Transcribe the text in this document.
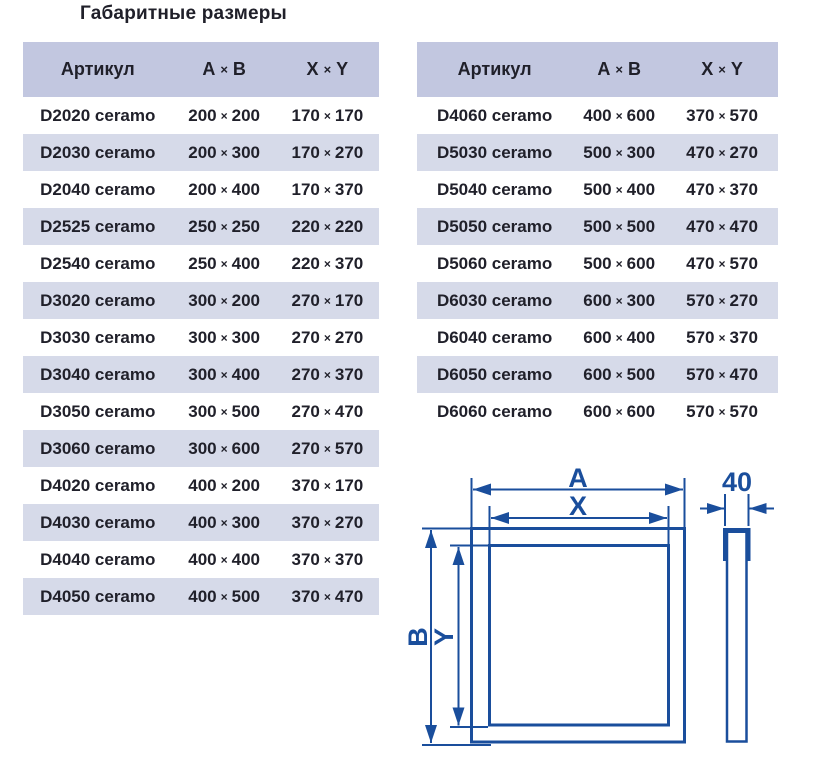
Габаритные размеры
Артикул	A × B	X × Y
D2020 ceramo	200 × 200	170 × 170
D2030 ceramo	200 × 300	170 × 270
D2040 ceramo	200 × 400	170 × 370
D2525 ceramo	250 × 250	220 × 220
D2540 ceramo	250 × 400	220 × 370
D3020 ceramo	300 × 200	270 × 170
D3030 ceramo	300 × 300	270 × 270
D3040 ceramo	300 × 400	270 × 370
D3050 ceramo	300 × 500	270 × 470
D3060 ceramo	300 × 600	270 × 570
D4020 ceramo	400 × 200	370 × 170
D4030 ceramo	400 × 300	370 × 270
D4040 ceramo	400 × 400	370 × 370
D4050 ceramo	400 × 500	370 × 470
Артикул	A × B	X × Y
D4060 ceramo	400 × 600	370 × 570
D5030 ceramo	500 × 300	470 × 270
D5040 ceramo	500 × 400	470 × 370
D5050 ceramo	500 × 500	470 × 470
D5060 ceramo	500 × 600	470 × 570
D6030 ceramo	600 × 300	570 × 270
D6040 ceramo	600 × 400	570 × 370
D6050 ceramo	600 × 500	570 × 470
D6060 ceramo	600 × 600	570 × 570
A
X
B
Y
40
